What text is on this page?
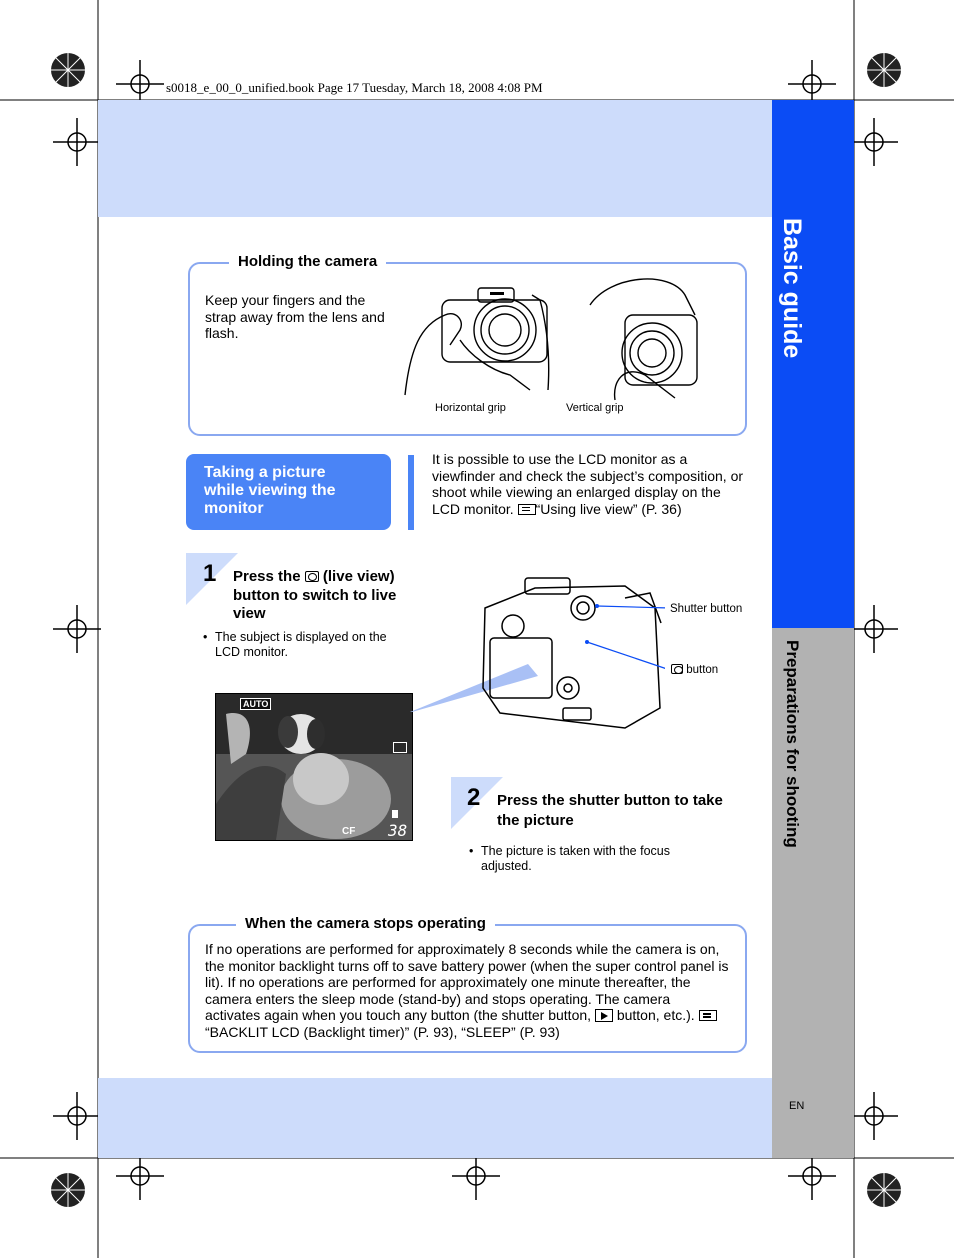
Basic guide
Preparations for shooting
EN
s0018_e_00_0_unified.book Page 17 Tuesday, March 18, 2008 4:08 PM
Holding the camera
Keep your fingers and the strap away from the lens and flash.
Horizontal grip	Vertical grip
Taking a picture while viewing the monitor
It is possible to use the LCD monitor as a viewfinder and check the subject’s composition, or shoot while viewing an enlarged display on the LCD monitor. “Using live view” (P. 36)
1 Press the (live view) button to switch to live view
• The subject is displayed on the LCD monitor.
AUTO
CF 38
Shutter button
button
2 Press the shutter button to take the picture
• The picture is taken with the focus adjusted.
When the camera stops operating
If no operations are performed for approximately 8 seconds while the camera is on, the monitor backlight turns off to save battery power (when the super control panel is lit). If no operations are performed for approximately one minute thereafter, the camera enters the sleep mode (stand-by) and stops operating. The camera activates again when you touch any button (the shutter button, button, etc.). “BACKLIT LCD (Backlight timer)” (P. 93), “SLEEP” (P. 93)
